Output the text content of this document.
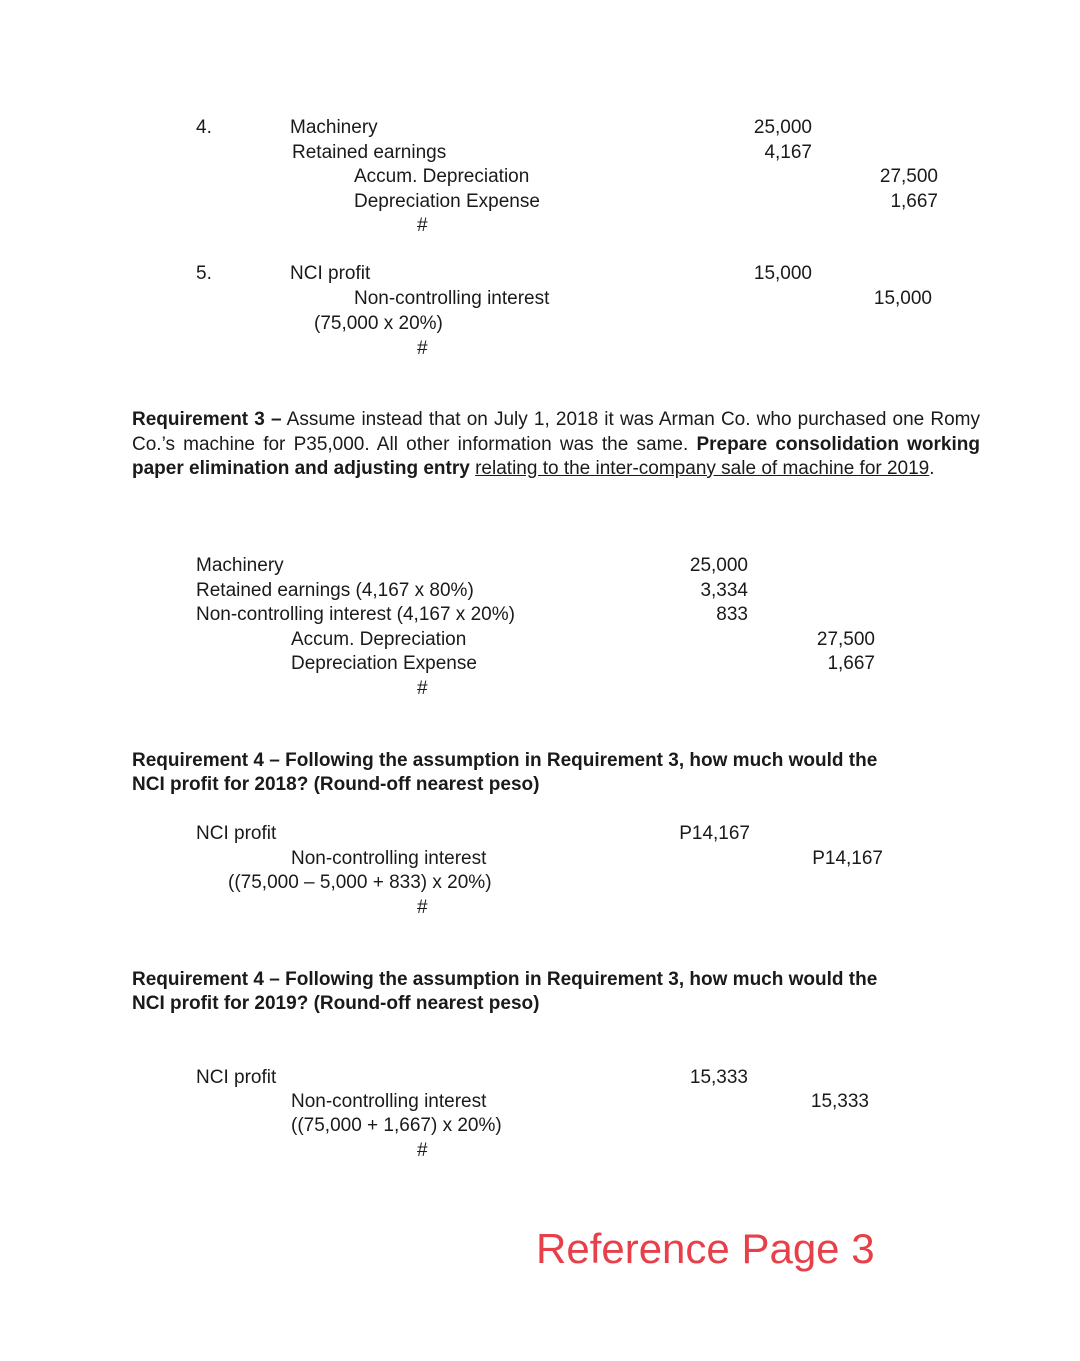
4.	Machinery
Retained earnings
Accum. Depreciation
Depreciation Expense
#
25,000
4,167
27,500
1,667
5.	NCI profit
Non-controlling interest
(75,000 x 20%)
#
15,000
15,000
Requirement 3 – Assume instead that on July 1, 2018 it was Arman Co. who purchased one Romy Co.’s machine for P35,000. All other information was the same. Prepare consolidation working paper elimination and adjusting entry relating to the inter-company sale of machine for 2019.
Machinery
Retained earnings (4,167 x 80%)
Non-controlling interest (4,167 x 20%)
Accum. Depreciation
Depreciation Expense
#
25,000
3,334
833
27,500
1,667
Requirement 4 – Following the assumption in Requirement 3, how much would the
NCI profit for 2018? (Round-off nearest peso)
NCI profit
Non-controlling interest
((75,000 – 5,000 + 833) x 20%)
#
P14,167
P14,167
Requirement 4 – Following the assumption in Requirement 3, how much would the
NCI profit for 2019? (Round-off nearest peso)
NCI profit
Non-controlling interest
((75,000 + 1,667) x 20%)
#
15,333
15,333
Reference Page 3
